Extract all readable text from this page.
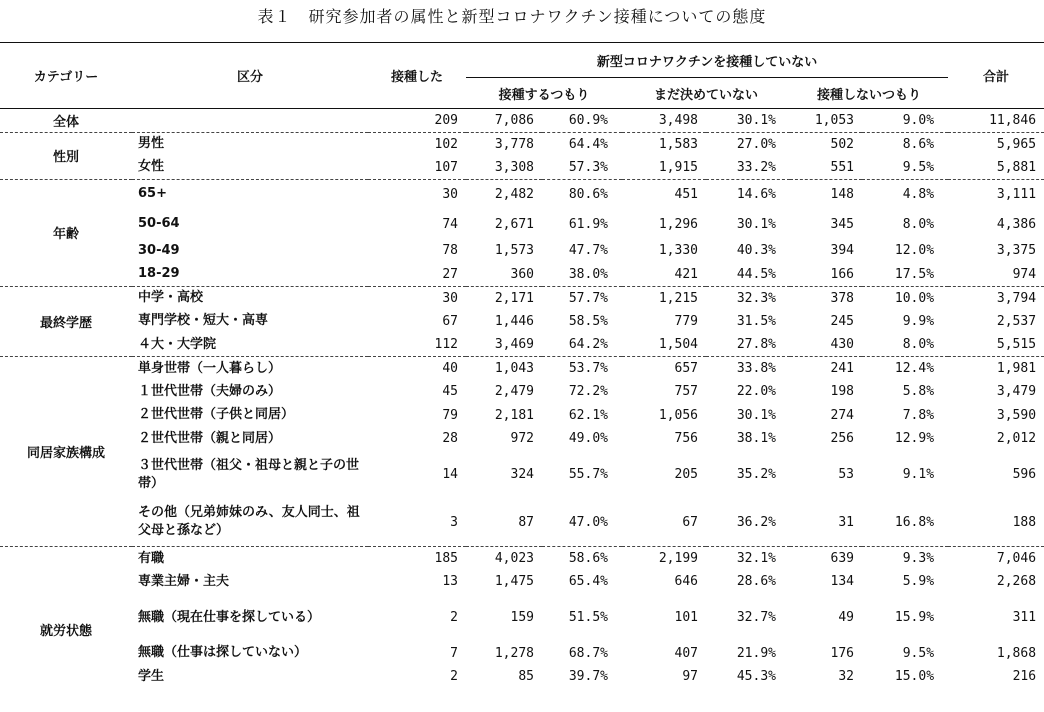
表１　研究参加者の属性と新型コロナワクチン接種についての態度
カテゴリー	区分	接種した	新型コロナワクチンを接種していない						合計
			接種するつもり		まだ決めていない		接種しないつもり		
全体		209	7,086	60.9%	3,498	30.1%	1,053	9.0%	11,846
性別	男性	102	3,778	64.4%	1,583	27.0%	502	8.6%	5,965
	女性	107	3,308	57.3%	1,915	33.2%	551	9.5%	5,881
年齢	65+	30	2,482	80.6%	451	14.6%	148	4.8%	3,111
	50-64	74	2,671	61.9%	1,296	30.1%	345	8.0%	4,386
	30-49	78	1,573	47.7%	1,330	40.3%	394	12.0%	3,375
	18-29	27	360	38.0%	421	44.5%	166	17.5%	974
最終学歴	中学・高校	30	2,171	57.7%	1,215	32.3%	378	10.0%	3,794
	専門学校・短大・高専	67	1,446	58.5%	779	31.5%	245	9.9%	2,537
	４大・大学院	112	3,469	64.2%	1,504	27.8%	430	8.0%	5,515
同居家族構成	単身世帯（一人暮らし）	40	1,043	53.7%	657	33.8%	241	12.4%	1,981
	１世代世帯（夫婦のみ）	45	2,479	72.2%	757	22.0%	198	5.8%	3,479
	２世代世帯（子供と同居）	79	2,181	62.1%	1,056	30.1%	274	7.8%	3,590
	２世代世帯（親と同居）	28	972	49.0%	756	38.1%	256	12.9%	2,012
	３世代世帯（祖父・祖母と親と子の世帯）	14	324	55.7%	205	35.2%	53	9.1%	596
	その他（兄弟姉妹のみ、友人同士、祖父母と孫など）	3	87	47.0%	67	36.2%	31	16.8%	188
就労状態	有職	185	4,023	58.6%	2,199	32.1%	639	9.3%	7,046
	専業主婦・主夫	13	1,475	65.4%	646	28.6%	134	5.9%	2,268
	無職（現在仕事を探している）	2	159	51.5%	101	32.7%	49	15.9%	311
	無職（仕事は探していない）	7	1,278	68.7%	407	21.9%	176	9.5%	1,868
	学生	2	85	39.7%	97	45.3%	32	15.0%	216
